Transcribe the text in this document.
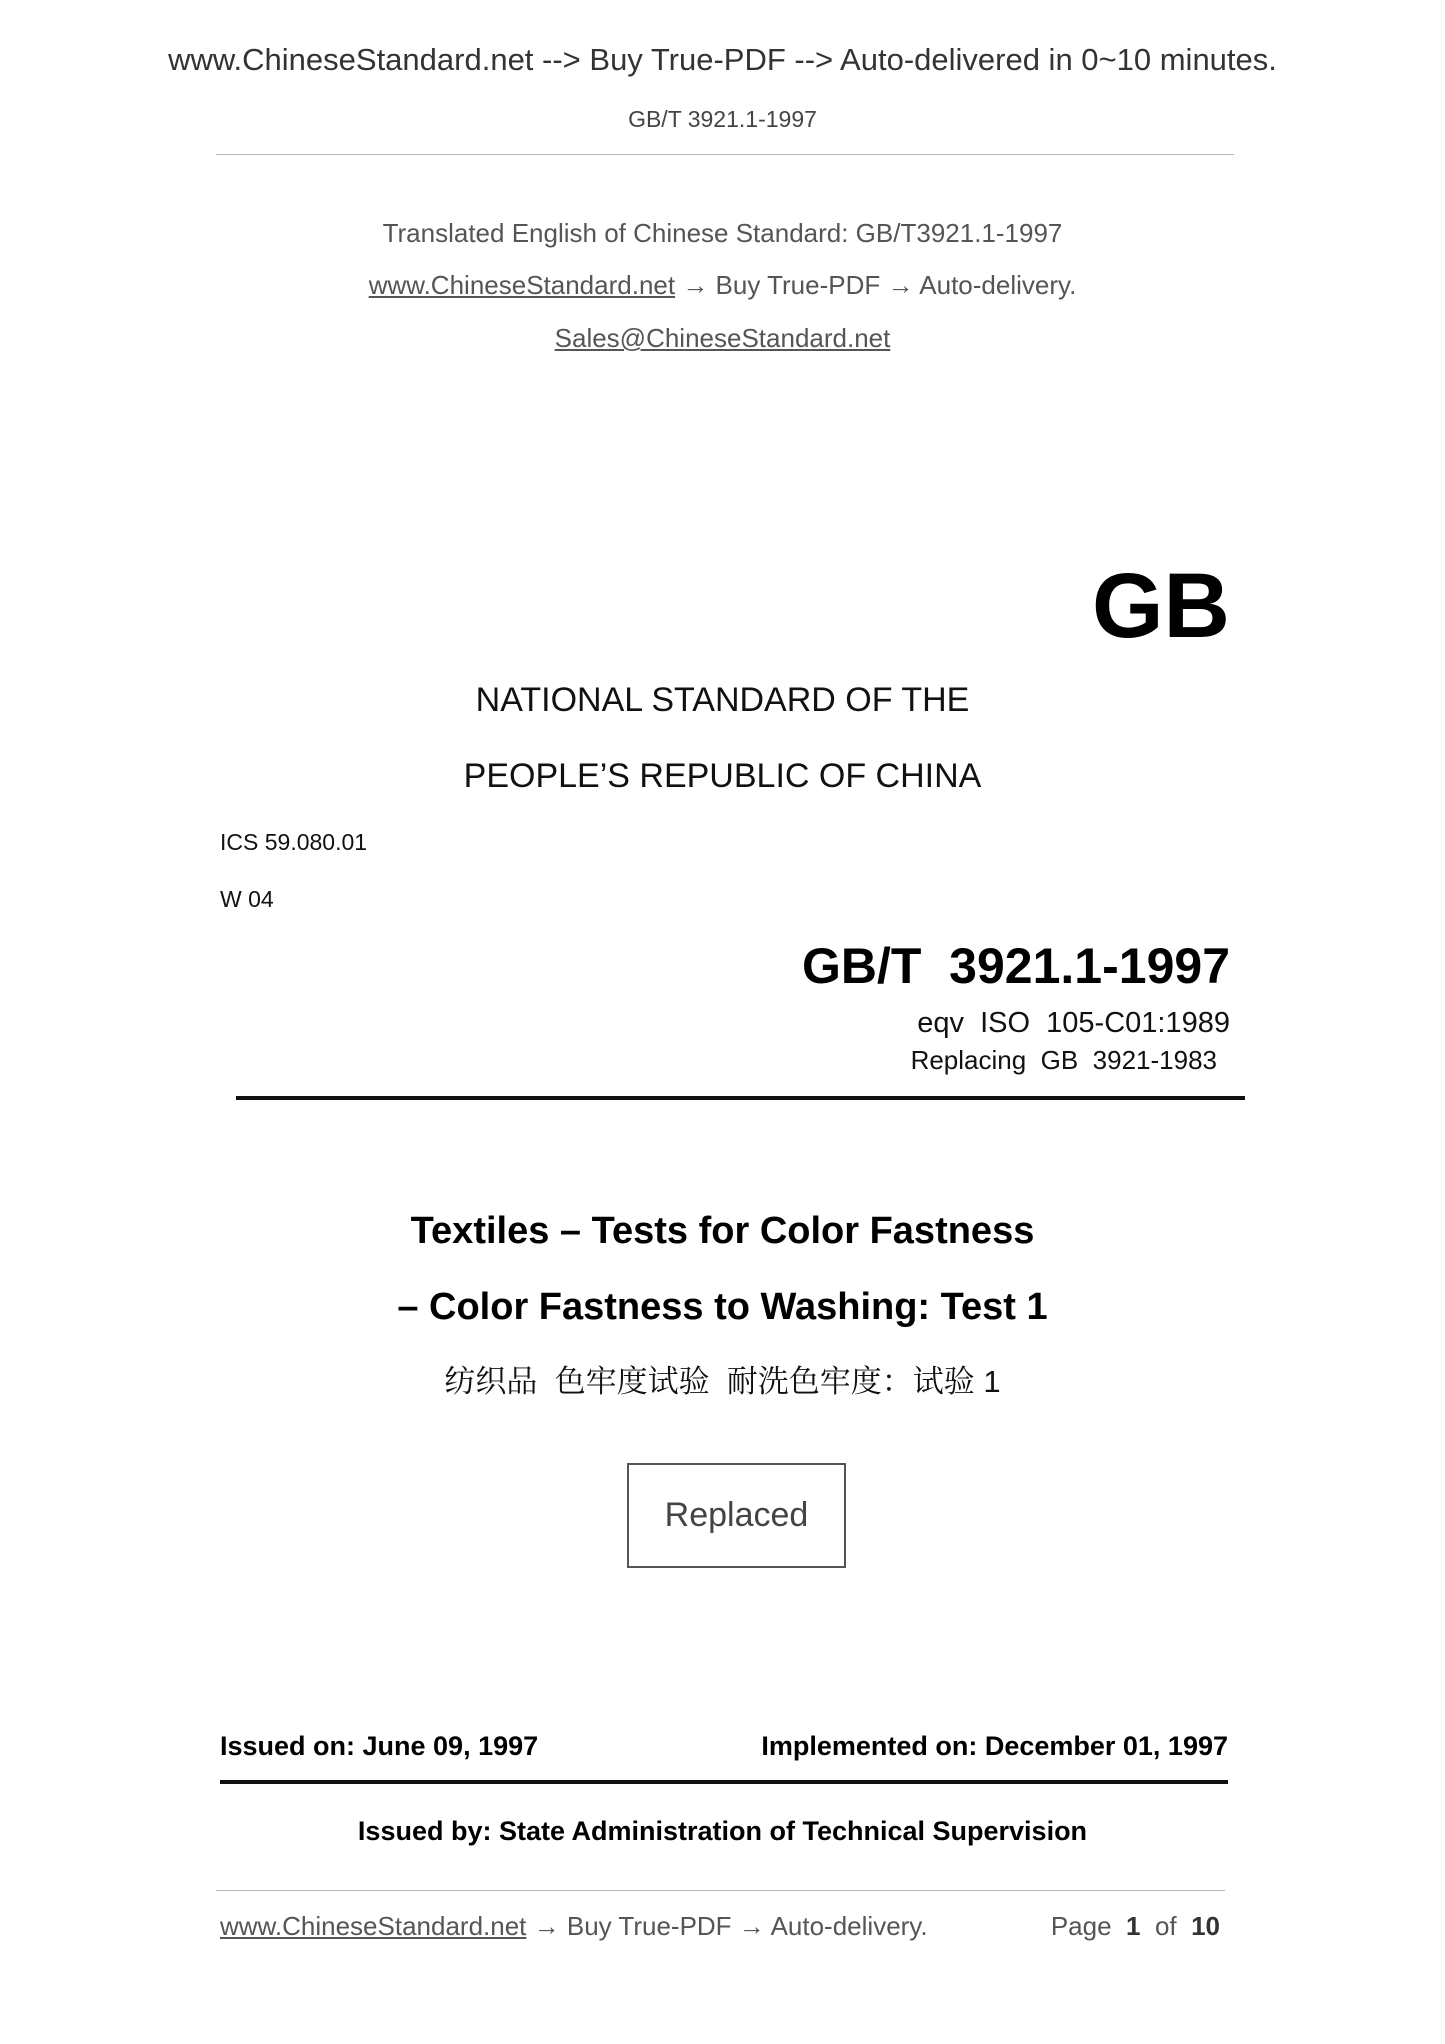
www.ChineseStandard.net --> Buy True-PDF --> Auto-delivered in 0~10 minutes.
GB/T 3921.1-1997
Translated English of Chinese Standard: GB/T3921.1-1997
www.ChineseStandard.net → Buy True-PDF → Auto-delivery.
Sales@ChineseStandard.net
GB
NATIONAL STANDARD OF THE
PEOPLE’S REPUBLIC OF CHINA
ICS 59.080.01
W 04
GB/T  3921.1-1997
eqv  ISO  105-C01:1989
Replacing  GB  3921-1983
Textiles – Tests for Color Fastness
– Color Fastness to Washing: Test 1
纺织品  色牢度试验  耐洗色牢度：试验 1
Replaced
Issued on: June 09, 1997	Implemented on: December 01, 1997
Issued by: State Administration of Technical Supervision
www.ChineseStandard.net → Buy True-PDF → Auto-delivery.	Page 1 of 10
